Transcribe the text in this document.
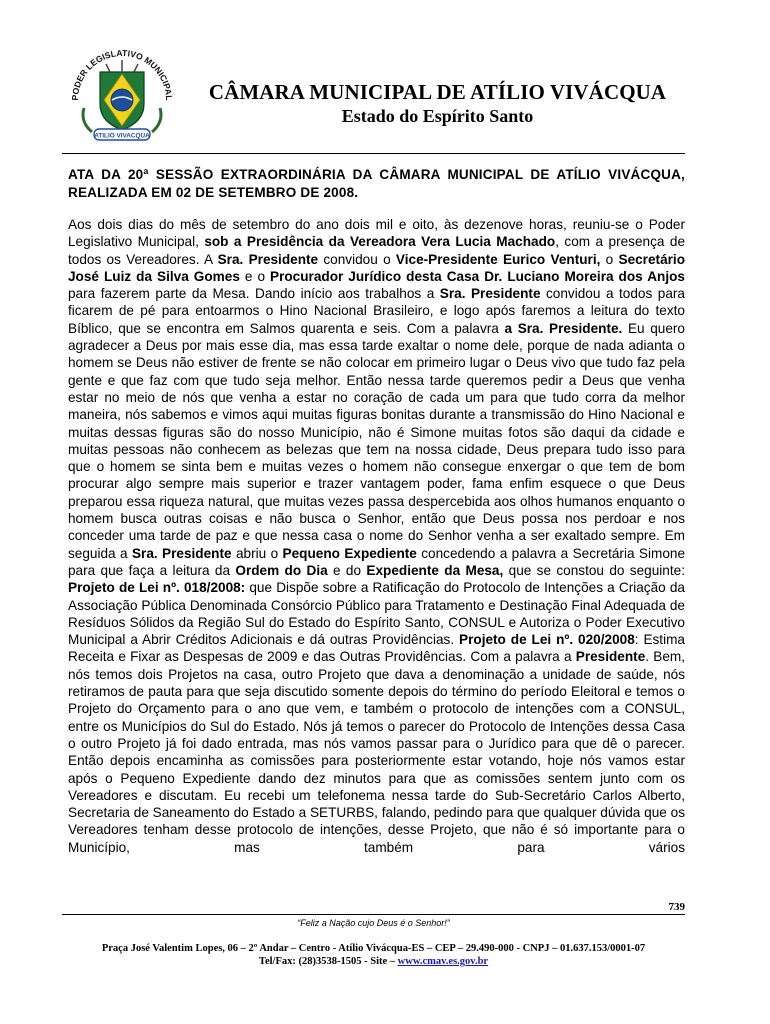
PODER LEGISLATIVO MUNICIPAL
ATILIO VIVACQUA
CÂMARA MUNICIPAL DE ATÍLIO VIVÁCQUA
Estado do Espírito Santo
ATA DA 20ª SESSÃO EXTRAORDINÁRIA DA CÂMARA MUNICIPAL DE ATÍLIO VIVÁCQUA, REALIZADA EM 02 DE SETEMBRO DE 2008.
Aos dois dias do mês de setembro do ano dois mil e oito, às dezenove horas, reuniu-se o Poder Legislativo Municipal, sob a Presidência da Vereadora Vera Lucia Machado, com a presença de todos os Vereadores. A Sra. Presidente convidou o Vice-Presidente Eurico Venturi, o Secretário José Luiz da Silva Gomes e o Procurador Jurídico desta Casa Dr. Luciano Moreira dos Anjos para fazerem parte da Mesa. Dando início aos trabalhos a Sra. Presidente convidou a todos para ficarem de pé para entoarmos o Hino Nacional Brasileiro, e logo após faremos a leitura do texto Bíblico, que se encontra em Salmos quarenta e seis. Com a palavra a Sra. Presidente. Eu quero agradecer a Deus por mais esse dia, mas essa tarde exaltar o nome dele, porque de nada adianta o homem se Deus não estiver de frente se não colocar em primeiro lugar o Deus vivo que tudo faz pela gente e que faz com que tudo seja melhor. Então nessa tarde queremos pedir a Deus que venha estar no meio de nós que venha a estar no coração de cada um para que tudo corra da melhor maneira, nós sabemos e vimos aqui muitas figuras bonitas durante a transmissão do Hino Nacional e muitas dessas figuras são do nosso Município, não é Simone muitas fotos são daqui da cidade e muitas pessoas não conhecem as belezas que tem na nossa cidade, Deus prepara tudo isso para que o homem se sinta bem e muitas vezes o homem não consegue enxergar o que tem de bom procurar algo sempre mais superior e trazer vantagem poder, fama enfim esquece o que Deus preparou essa riqueza natural, que muitas vezes passa despercebida aos olhos humanos enquanto o homem busca outras coisas e não busca o Senhor, então que Deus possa nos perdoar e nos conceder uma tarde de paz e que nessa casa o nome do Senhor venha a ser exaltado sempre. Em seguida a Sra. Presidente abriu o Pequeno Expediente concedendo a palavra a Secretária Simone para que faça a leitura da Ordem do Dia e do Expediente da Mesa, que se constou do seguinte: Projeto de Lei nº. 018/2008: que Dispõe sobre a Ratificação do Protocolo de Intenções a Criação da Associação Pública Denominada Consórcio Público para Tratamento e Destinação Final Adequada de Resíduos Sólidos da Região Sul do Estado do Espírito Santo, CONSUL e Autoriza o Poder Executivo Municipal a Abrir Créditos Adicionais e dá outras Providências. Projeto de Lei nº. 020/2008: Estima Receita e Fixar as Despesas de 2009 e das Outras Providências. Com a palavra a Presidente. Bem, nós temos dois Projetos na casa, outro Projeto que dava a denominação a unidade de saúde, nós retiramos de pauta para que seja discutido somente depois do término do período Eleitoral e temos o Projeto do Orçamento para o ano que vem, e também o protocolo de intenções com a CONSUL, entre os Municípios do Sul do Estado. Nós já temos o parecer do Protocolo de Intenções dessa Casa o outro Projeto já foi dado entrada, mas nós vamos passar para o Jurídico para que dê o parecer. Então depois encaminha as comissões para posteriormente estar votando, hoje nós vamos estar após o Pequeno Expediente dando dez minutos para que as comissões sentem junto com os Vereadores e discutam. Eu recebi um telefonema nessa tarde do Sub-Secretário Carlos Alberto, Secretaria de Saneamento do Estado a SETURBS, falando, pedindo para que qualquer dúvida que os Vereadores tenham desse protocolo de intenções, desse Projeto, que não é só importante para o Município, mas também para vários
739
“Feliz a Nação cujo Deus é o Senhor!”
Praça José Valentim Lopes, 06 – 2º Andar – Centro - Atílio Vivácqua-ES – CEP – 29.490-000 - CNPJ – 01.637.153/0001-07
Tel/Fax: (28)3538-1505 - Site – www.cmav.es.gov.br
